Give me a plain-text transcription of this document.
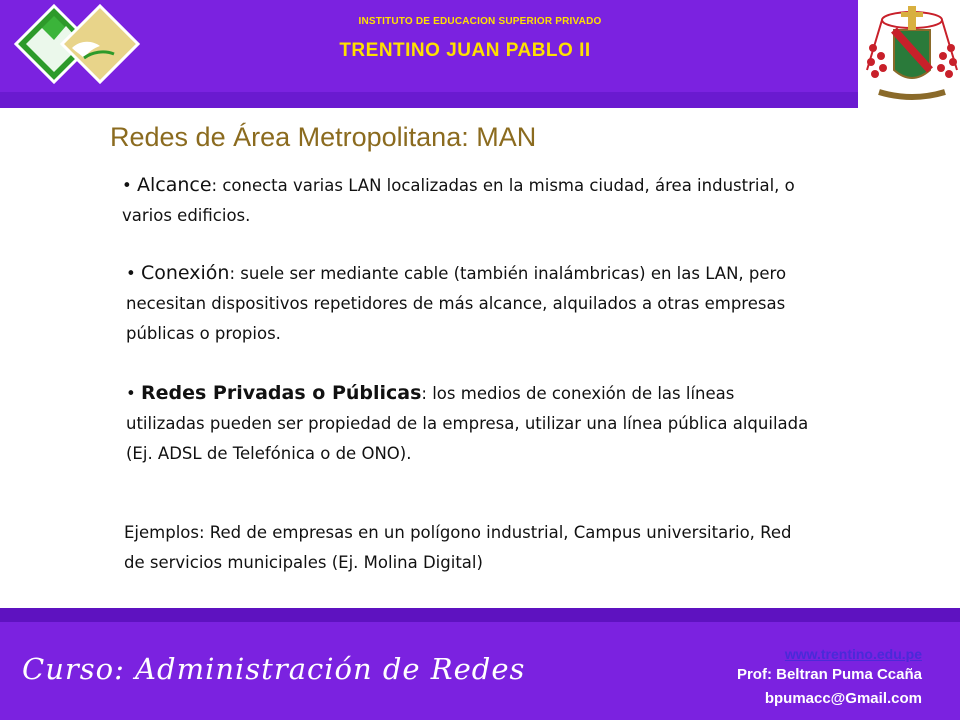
INSTITUTO DE EDUCACION SUPERIOR PRIVADO
TRENTINO JUAN PABLO II
Redes de Área Metropolitana: MAN
• Alcance: conecta varias LAN localizadas en la misma ciudad, área industrial, o varios edificios.
• Conexión: suele ser mediante cable (también inalámbricas) en las LAN, pero necesitan dispositivos repetidores de más alcance, alquilados a otras empresas públicas o propios.
• Redes Privadas o Públicas: los medios de conexión de las líneas utilizadas pueden ser propiedad de la empresa, utilizar una línea pública alquilada (Ej. ADSL de Telefónica o de ONO).
Ejemplos: Red de empresas en un polígono industrial, Campus universitario, Red de servicios municipales (Ej. Molina Digital)
Curso: Administración de Redes	www.trentino.edu.pe
Prof: Beltran Puma Ccaña
bpumacc@Gmail.com
